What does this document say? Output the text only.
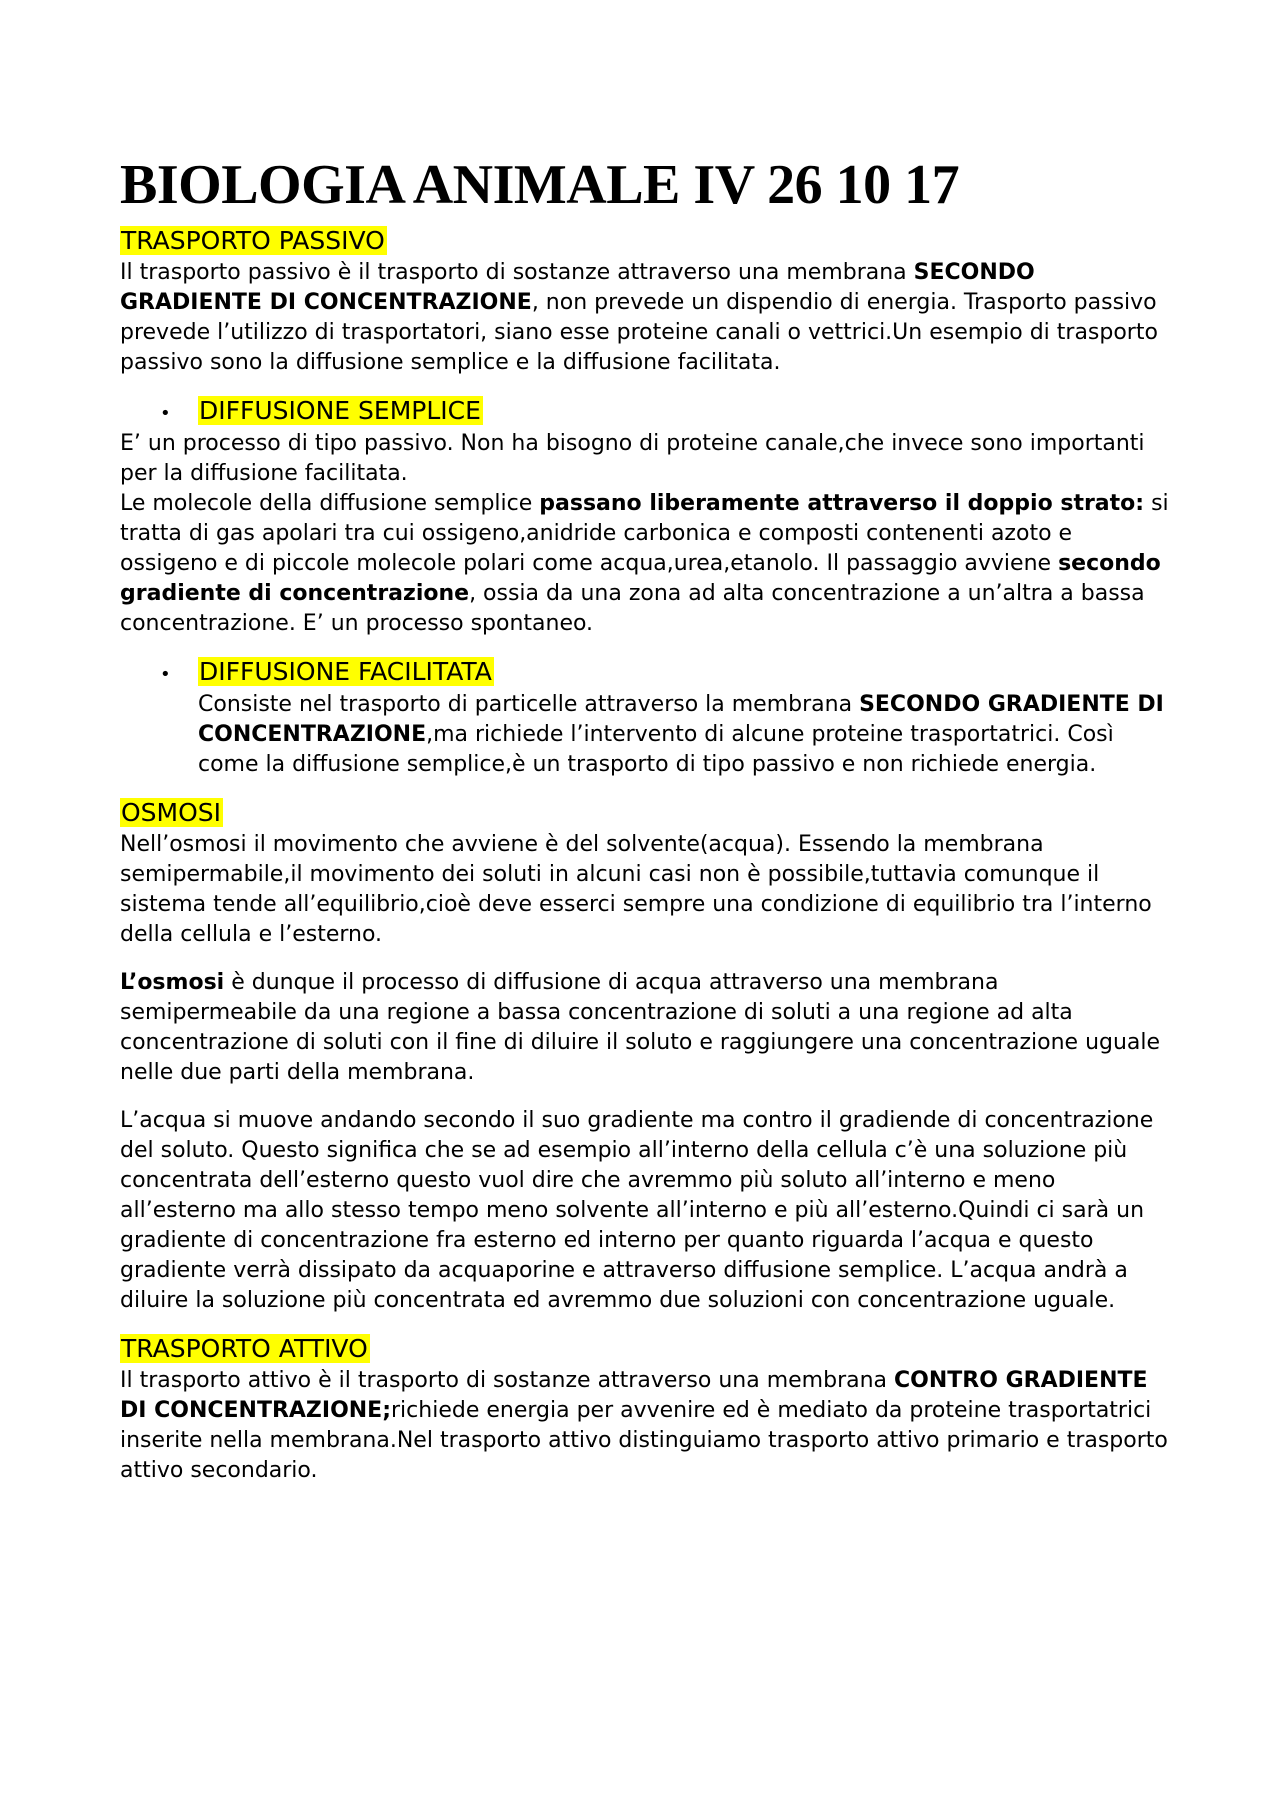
BIOLOGIA ANIMALE IV 26 10 17
TRASPORTO PASSIVO

Il trasporto passivo è il trasporto di sostanze attraverso una membrana SECONDO GRADIENTE DI CONCENTRAZIONE, non prevede un dispendio di energia. Trasporto passivo prevede l’utilizzo di trasportatori, siano esse proteine canali o vettrici.Un esempio di trasporto passivo sono la diffusione semplice e la diffusione facilitata.

•	DIFFUSIONE SEMPLICE

E’ un processo di tipo passivo. Non ha bisogno di proteine canale,che invece sono importanti per la diffusione facilitata.

Le molecole della diffusione semplice passano liberamente attraverso il doppio strato: si tratta di gas apolari tra cui ossigeno,anidride carbonica e composti contenenti azoto e ossigeno e di piccole molecole polari come acqua,urea,etanolo. Il passaggio avviene secondo gradiente di concentrazione, ossia da una zona ad alta concentrazione a un’altra a bassa concentrazione. E’ un processo spontaneo.

•	DIFFUSIONE FACILITATA

Consiste nel trasporto di particelle attraverso la membrana SECONDO GRADIENTE DI CONCENTRAZIONE,ma richiede l’intervento di alcune proteine trasportatrici. Così come la diffusione semplice,è un trasporto di tipo passivo e non richiede energia.

OSMOSI

Nell’osmosi il movimento che avviene è del solvente(acqua). Essendo la membrana semipermabile,il movimento dei soluti in alcuni casi non è possibile,tuttavia comunque il sistema tende all’equilibrio,cioè deve esserci sempre una condizione di equilibrio tra l’interno della cellula e l’esterno.

L’osmosi è dunque il processo di diffusione di acqua attraverso una membrana semipermeabile da una regione a bassa concentrazione di soluti a una regione ad alta concentrazione di soluti con il fine di diluire il soluto e raggiungere una concentrazione uguale nelle due parti della membrana.

L’acqua si muove andando secondo il suo gradiente ma contro il gradiende di concentrazione del soluto. Questo significa che se ad esempio all’interno della cellula c’è una soluzione più concentrata dell’esterno questo vuol dire che avremmo più soluto all’interno e meno all’esterno ma allo stesso tempo meno solvente all’interno e più all’esterno.Quindi ci sarà un gradiente di concentrazione fra esterno ed interno per quanto riguarda l’acqua e questo gradiente verrà dissipato da acquaporine e attraverso diffusione semplice. L’acqua andrà a diluire la soluzione più concentrata ed avremmo due soluzioni con concentrazione uguale.

TRASPORTO ATTIVO

Il trasporto attivo è il trasporto di sostanze attraverso una membrana CONTRO GRADIENTE DI CONCENTRAZIONE;richiede energia per avvenire ed è mediato da proteine trasportatrici inserite nella membrana.Nel trasporto attivo distinguiamo trasporto attivo primario e trasporto attivo secondario.
